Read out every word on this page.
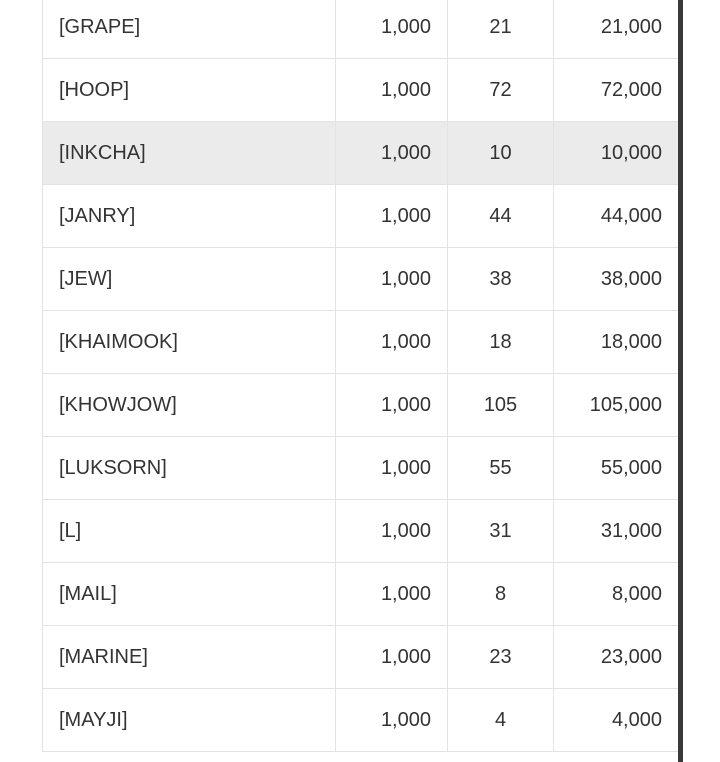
[GRAPE]	1,000	21	21,000
[HOOP]	1,000	72	72,000
[INKCHA]	1,000	10	10,000
[JANRY]	1,000	44	44,000
[JEW]	1,000	38	38,000
[KHAIMOOK]	1,000	18	18,000
[KHOWJOW]	1,000	105	105,000
[LUKSORN]	1,000	55	55,000
[L]	1,000	31	31,000
[MAIL]	1,000	8	8,000
[MARINE]	1,000	23	23,000
[MAYJI]	1,000	4	4,000
